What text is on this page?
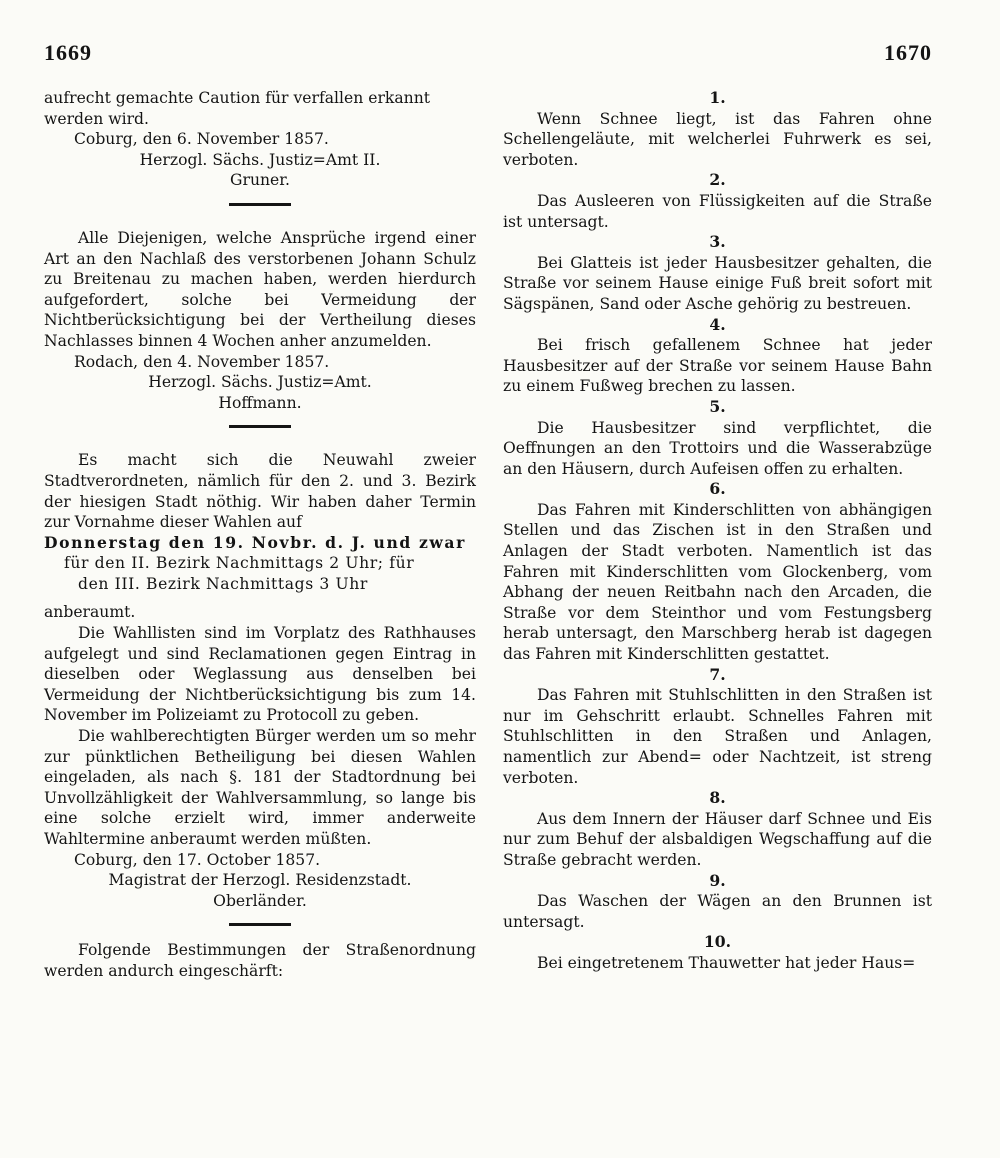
1669	1670

aufrecht gemachte Caution für verfallen erkannt werden wird.

Coburg, den 6. November 1857.

Herzogl. Sächs. Justiz=Amt II.

Gruner.

Alle Diejenigen, welche Ansprüche irgend einer Art an den Nachlaß des verstorbenen Johann Schulz zu Breitenau zu machen haben, werden hierdurch aufgefordert, solche bei Vermeidung der Nichtberücksichtigung bei der Vertheilung dieses Nachlasses binnen 4 Wochen anher anzumelden.

Rodach, den 4. November 1857.

Herzogl. Sächs. Justiz=Amt.

Hoffmann.

Es macht sich die Neuwahl zweier Stadtverordneten, nämlich für den 2. und 3. Bezirk der hiesigen Stadt nöthig. Wir haben daher Termin zur Vornahme dieser Wahlen auf

Donnerstag den 19. Novbr. d. J. und zwar

für den II. Bezirk Nachmittags 2 Uhr; für

den III. Bezirk Nachmittags 3 Uhr

anberaumt.

Die Wahllisten sind im Vorplatz des Rathhauses aufgelegt und sind Reclamationen gegen Eintrag in dieselben oder Weglassung aus denselben bei Vermeidung der Nichtberücksichtigung bis zum 14. November im Polizeiamt zu Protocoll zu geben.

Die wahlberechtigten Bürger werden um so mehr zur pünktlichen Betheiligung bei diesen Wahlen eingeladen, als nach §. 181 der Stadtordnung bei Unvollzähligkeit der Wahlversammlung, so lange bis eine solche erzielt wird, immer anderweite Wahltermine anberaumt werden müßten.

Coburg, den 17. October 1857.

Magistrat der Herzogl. Residenzstadt.

Oberländer.

Folgende Bestimmungen der Straßenordnung werden andurch eingeschärft:

1.

Wenn Schnee liegt, ist das Fahren ohne Schellengeläute, mit welcherlei Fuhrwerk es sei, verboten.

2.

Das Ausleeren von Flüssigkeiten auf die Straße ist untersagt.

3.

Bei Glatteis ist jeder Hausbesitzer gehalten, die Straße vor seinem Hause einige Fuß breit sofort mit Sägspänen, Sand oder Asche gehörig zu bestreuen.

4.

Bei frisch gefallenem Schnee hat jeder Hausbesitzer auf der Straße vor seinem Hause Bahn zu einem Fußweg brechen zu lassen.

5.

Die Hausbesitzer sind verpflichtet, die Oeffnungen an den Trottoirs und die Wasserabzüge an den Häusern, durch Aufeisen offen zu erhalten.

6.

Das Fahren mit Kinderschlitten von abhängigen Stellen und das Zischen ist in den Straßen und Anlagen der Stadt verboten. Namentlich ist das Fahren mit Kinderschlitten vom Glockenberg, vom Abhang der neuen Reitbahn nach den Arcaden, die Straße vor dem Steinthor und vom Festungsberg herab untersagt, den Marschberg herab ist dagegen das Fahren mit Kinderschlitten gestattet.

7.

Das Fahren mit Stuhlschlitten in den Straßen ist nur im Gehschritt erlaubt. Schnelles Fahren mit Stuhlschlitten in den Straßen und Anlagen, namentlich zur Abend= oder Nachtzeit, ist streng verboten.

8.

Aus dem Innern der Häuser darf Schnee und Eis nur zum Behuf der alsbaldigen Wegschaffung auf die Straße gebracht werden.

9.

Das Waschen der Wägen an den Brunnen ist untersagt.

10.

Bei eingetretenem Thauwetter hat jeder Haus=
